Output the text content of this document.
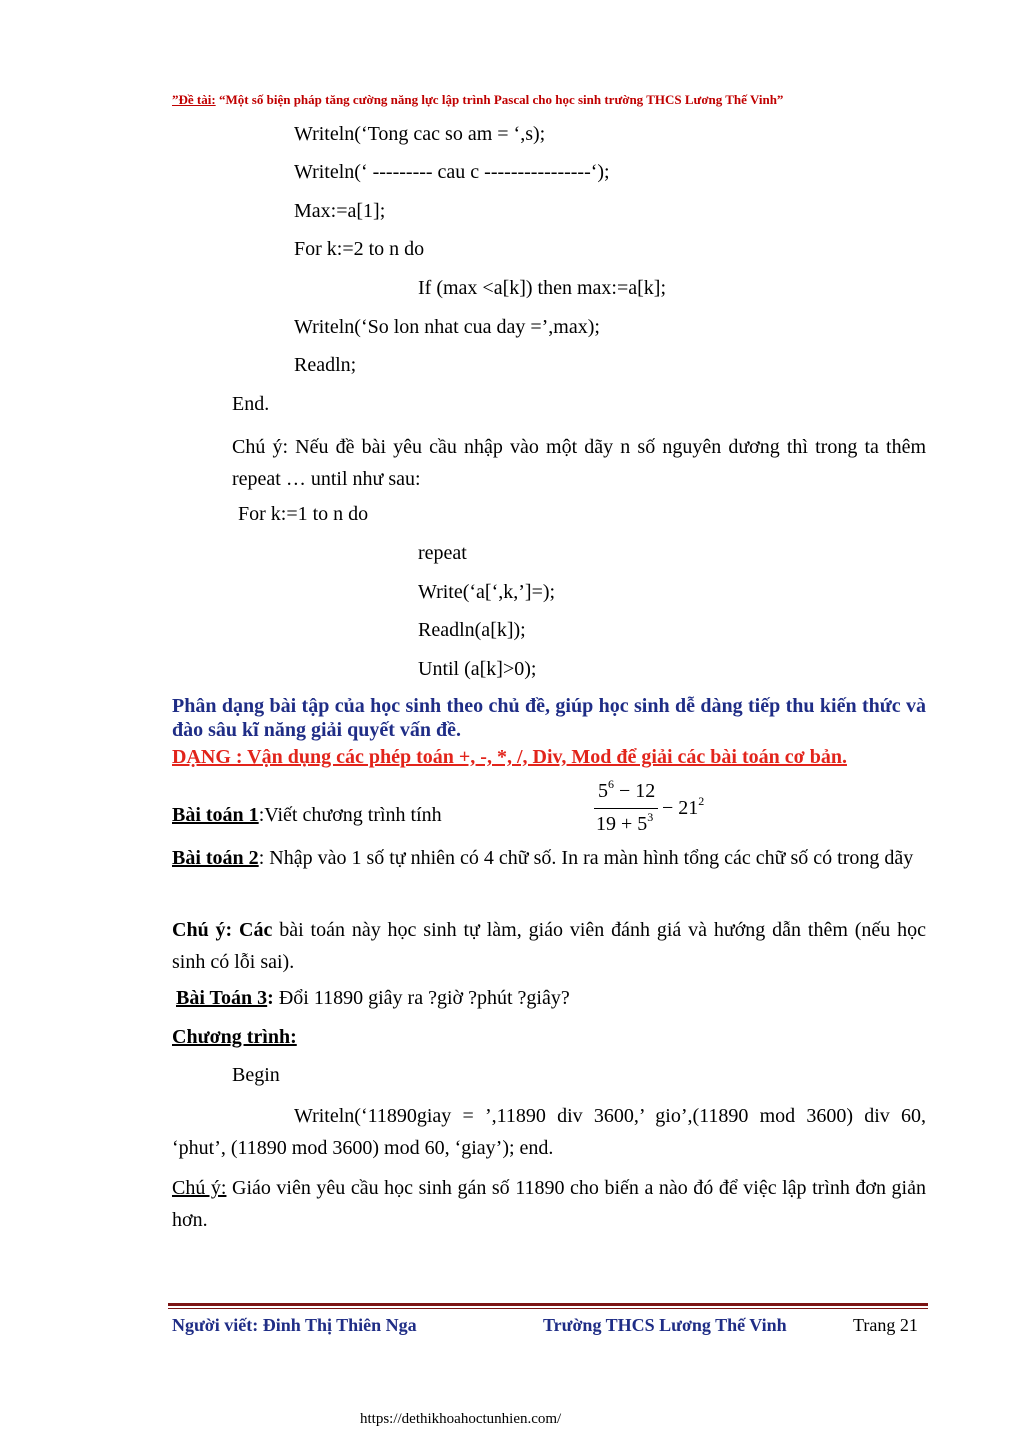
”Đề tài: “Một số biện pháp tăng cường năng lực lập trình Pascal cho học sinh trường THCS Lương Thế Vinh”
Writeln(‘Tong cac so am = ‘,s);
Writeln(‘ --------- cau c ----------------‘);
Max:=a[1];
For k:=2 to n do
If (max <a[k]) then max:=a[k];
Writeln(‘So lon nhat cua day =’,max);
Readln;
End.
Chú ý: Nếu đề bài yêu cầu nhập vào một dãy n số nguyên dương thì trong ta thêm repeat … until như sau:
For k:=1 to n do
repeat
Write(‘a[‘,k,’]=);
Readln(a[k]);
Until (a[k]>0);
Phân dạng bài tập của học sinh theo chủ đề, giúp học sinh dễ dàng tiếp thu kiến thức và đào sâu kĩ năng giải quyết vấn đề.
DẠNG : Vận dụng các phép toán +, -, *, /, Div, Mod để giải các bài toán cơ bản.
Bài toán 1:Viết chương trình tính
$5^6 - 12$
$19 + 5^3 - 21^2$
Bài toán 2: Nhập vào 1 số tự nhiên có 4 chữ số. In ra màn hình tổng các chữ số có trong dãy
Chú ý: Các bài toán này học sinh tự làm, giáo viên đánh giá và hướng dẫn thêm (nếu học sinh có lỗi sai).
Bài Toán 3: Đổi 11890 giây ra ?giờ ?phút ?giây?
Chương trình:
Begin
Writeln(‘11890giay = ’,11890 div 3600,’ gio’,(11890 mod 3600) div 60, ‘phut’, (11890 mod 3600) mod 60, ‘giay’); end.
Chú ý: Giáo viên yêu cầu học sinh gán số 11890 cho biến a nào đó để việc lập trình đơn giản hơn.
Người viết: Đinh Thị Thiên Nga	Trường THCS Lương Thế Vinh	Trang 21
https://dethikhoahoctunhien.com/
